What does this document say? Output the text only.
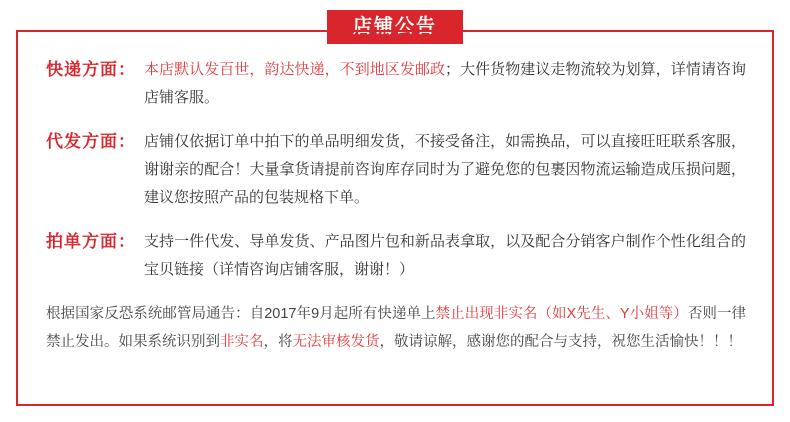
店铺公告
快递方面： 本店默认发百世，韵达快递，不到地区发邮政；大件货物建议走物流较为划算，详情请咨询店铺客服。
代发方面： 店铺仅依据订单中拍下的单品明细发货，不接受备注，如需换品，可以直接旺旺联系客服，谢谢亲的配合！大量拿货请提前咨询库存同时为了避免您的包裹因物流运输造成压损问题，建议您按照产品的包装规格下单。
拍单方面： 支持一件代发、导单发货、产品图片包和新品表拿取，以及配合分销客户制作个性化组合的宝贝链接（详情咨询店铺客服，谢谢！）
根据国家反恐系统邮管局通告：自2017年9月起所有快递单上禁止出现非实名（如X先生、Y小姐等）否则一律禁止发出。如果系统识别到非实名，将无法审核发货，敬请谅解，感谢您的配合与支持，祝您生活愉快！！！
